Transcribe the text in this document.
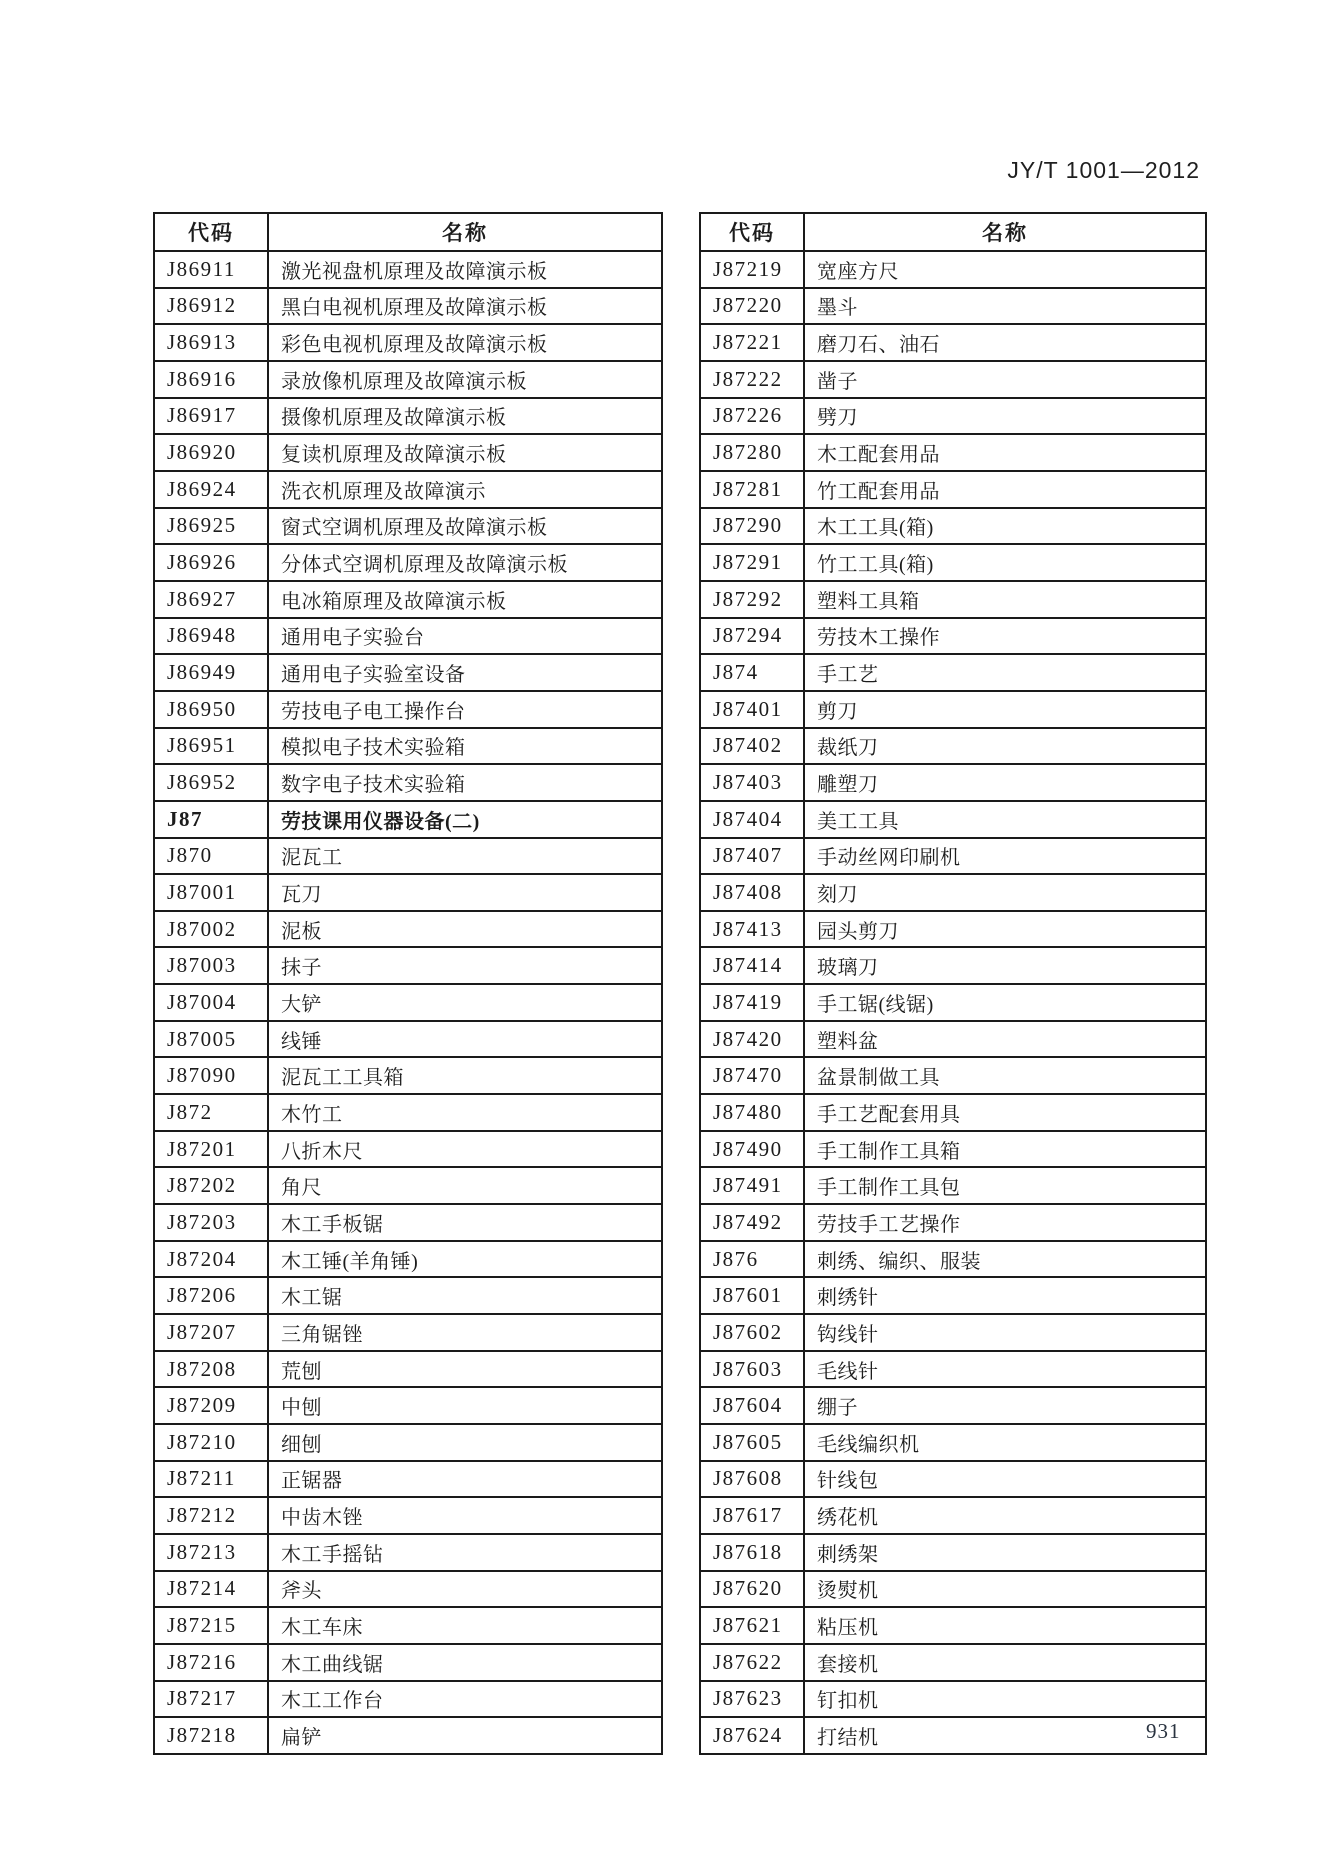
JY/T 1001—2012
代码	名称
J86911	激光视盘机原理及故障演示板
J86912	黑白电视机原理及故障演示板
J86913	彩色电视机原理及故障演示板
J86916	录放像机原理及故障演示板
J86917	摄像机原理及故障演示板
J86920	复读机原理及故障演示板
J86924	洗衣机原理及故障演示
J86925	窗式空调机原理及故障演示板
J86926	分体式空调机原理及故障演示板
J86927	电冰箱原理及故障演示板
J86948	通用电子实验台
J86949	通用电子实验室设备
J86950	劳技电子电工操作台
J86951	模拟电子技术实验箱
J86952	数字电子技术实验箱
J87	劳技课用仪器设备(二)
J870	泥瓦工
J87001	瓦刀
J87002	泥板
J87003	抹子
J87004	大铲
J87005	线锤
J87090	泥瓦工工具箱
J872	木竹工
J87201	八折木尺
J87202	角尺
J87203	木工手板锯
J87204	木工锤(羊角锤)
J87206	木工锯
J87207	三角锯锉
J87208	荒刨
J87209	中刨
J87210	细刨
J87211	正锯器
J87212	中齿木锉
J87213	木工手摇钻
J87214	斧头
J87215	木工车床
J87216	木工曲线锯
J87217	木工工作台
J87218	扁铲
代码	名称
J87219	宽座方尺
J87220	墨斗
J87221	磨刀石、油石
J87222	凿子
J87226	劈刀
J87280	木工配套用品
J87281	竹工配套用品
J87290	木工工具(箱)
J87291	竹工工具(箱)
J87292	塑料工具箱
J87294	劳技木工操作
J874	手工艺
J87401	剪刀
J87402	裁纸刀
J87403	雕塑刀
J87404	美工工具
J87407	手动丝网印刷机
J87408	刻刀
J87413	园头剪刀
J87414	玻璃刀
J87419	手工锯(线锯)
J87420	塑料盆
J87470	盆景制做工具
J87480	手工艺配套用具
J87490	手工制作工具箱
J87491	手工制作工具包
J87492	劳技手工艺操作
J876	刺绣、编织、服装
J87601	刺绣针
J87602	钩线针
J87603	毛线针
J87604	绷子
J87605	毛线编织机
J87608	针线包
J87617	绣花机
J87618	刺绣架
J87620	烫熨机
J87621	粘压机
J87622	套接机
J87623	钉扣机
J87624	打结机	931
